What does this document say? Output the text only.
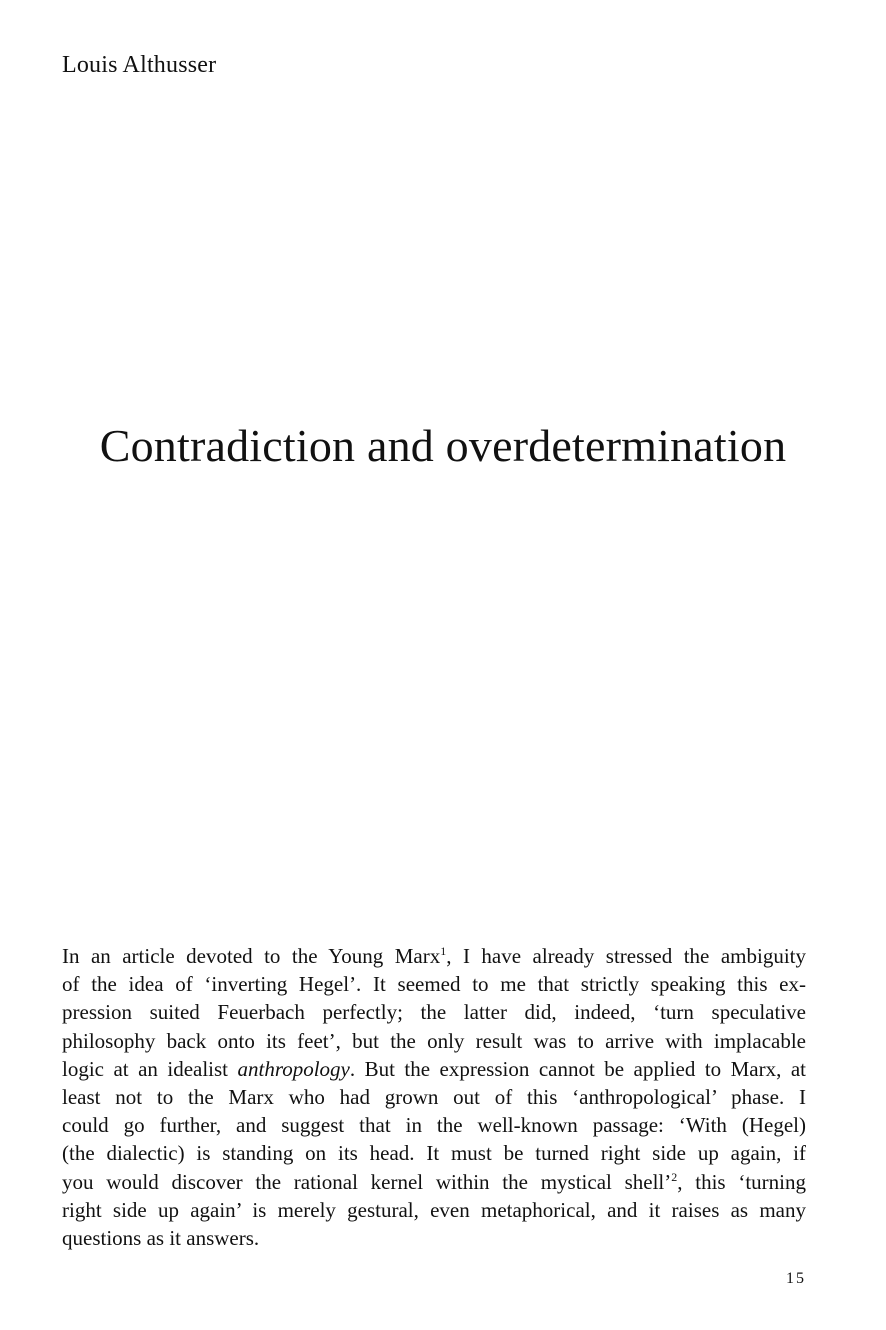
Louis Althusser

Contradiction and overdetermination
In an article devoted to the Young Marx$^1$, I have already stressed the ambiguity
of the idea of ‘inverting Hegel’. It seemed to me that strictly speaking this ex-
pression suited Feuerbach perfectly; the latter did, indeed, ‘turn speculative
philosophy back onto its feet’, but the only result was to arrive with implacable
logic at an idealist anthropology. But the expression cannot be applied to Marx, at
least not to the Marx who had grown out of this ‘anthropological’ phase. I
could go further, and suggest that in the well-known passage: ‘With (Hegel)
(the dialectic) is standing on its head. It must be turned right side up again, if
you would discover the rational kernel within the mystical shell’$^2$, this ‘turning
right side up again’ is merely gestural, even metaphorical, and it raises as many
questions as it answers.

15
